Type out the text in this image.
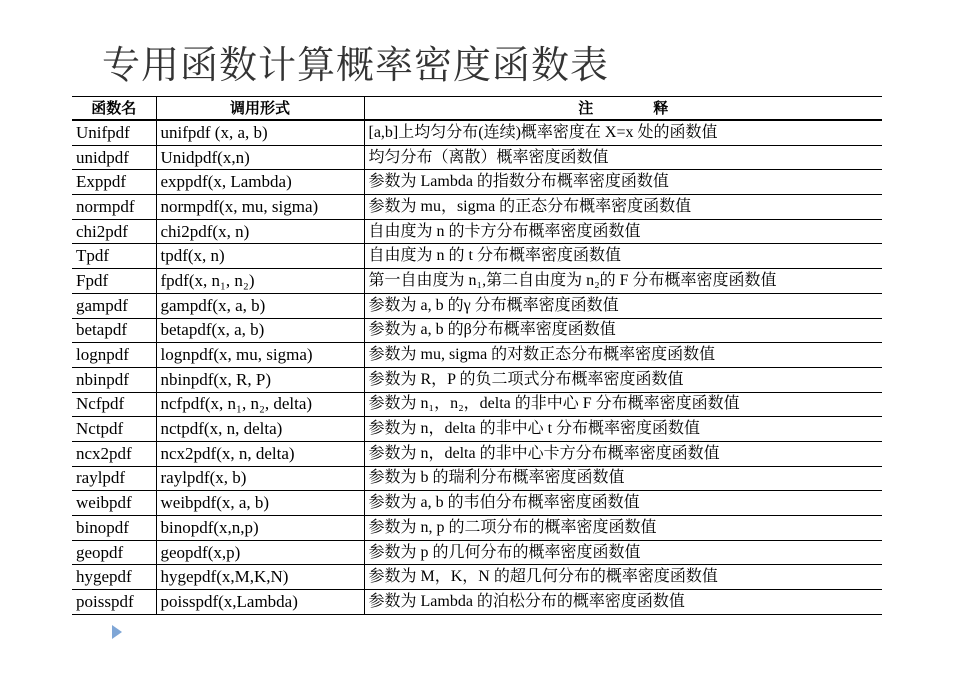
专用函数计算概率密度函数表
函数名	调用形式	注　　　　释
Unifpdf	unifpdf (x, a, b)	[a,b]上均匀分布(连续)概率密度在 X=x 处的函数值
unidpdf	Unidpdf(x,n)	均匀分布（离散）概率密度函数值
Exppdf	exppdf(x, Lambda)	参数为 Lambda 的指数分布概率密度函数值
normpdf	normpdf(x, mu, sigma)	参数为 mu，sigma 的正态分布概率密度函数值
chi2pdf	chi2pdf(x, n)	自由度为 n 的卡方分布概率密度函数值
Tpdf	tpdf(x, n)	自由度为 n 的 t 分布概率密度函数值
Fpdf	fpdf(x, n₁, n₂)	第一自由度为 n₁,第二自由度为 n₂的 F 分布概率密度函数值
gampdf	gampdf(x, a, b)	参数为 a, b 的γ 分布概率密度函数值
betapdf	betapdf(x, a, b)	参数为 a, b 的β分布概率密度函数值
lognpdf	lognpdf(x, mu, sigma)	参数为 mu, sigma 的对数正态分布概率密度函数值
nbinpdf	nbinpdf(x, R, P)	参数为 R，P 的负二项式分布概率密度函数值
Ncfpdf	ncfpdf(x, n₁, n₂, delta)	参数为 n₁，n₂，delta 的非中心 F 分布概率密度函数值
Nctpdf	nctpdf(x, n, delta)	参数为 n，delta 的非中心 t 分布概率密度函数值
ncx2pdf	ncx2pdf(x, n, delta)	参数为 n，delta 的非中心卡方分布概率密度函数值
raylpdf	raylpdf(x, b)	参数为 b 的瑞利分布概率密度函数值
weibpdf	weibpdf(x, a, b)	参数为 a, b 的韦伯分布概率密度函数值
binopdf	binopdf(x,n,p)	参数为 n, p 的二项分布的概率密度函数值
geopdf	geopdf(x,p)	参数为 p 的几何分布的概率密度函数值
hygepdf	hygepdf(x,M,K,N)	参数为 M，K，N 的超几何分布的概率密度函数值
poisspdf	poisspdf(x,Lambda)	参数为 Lambda 的泊松分布的概率密度函数值
